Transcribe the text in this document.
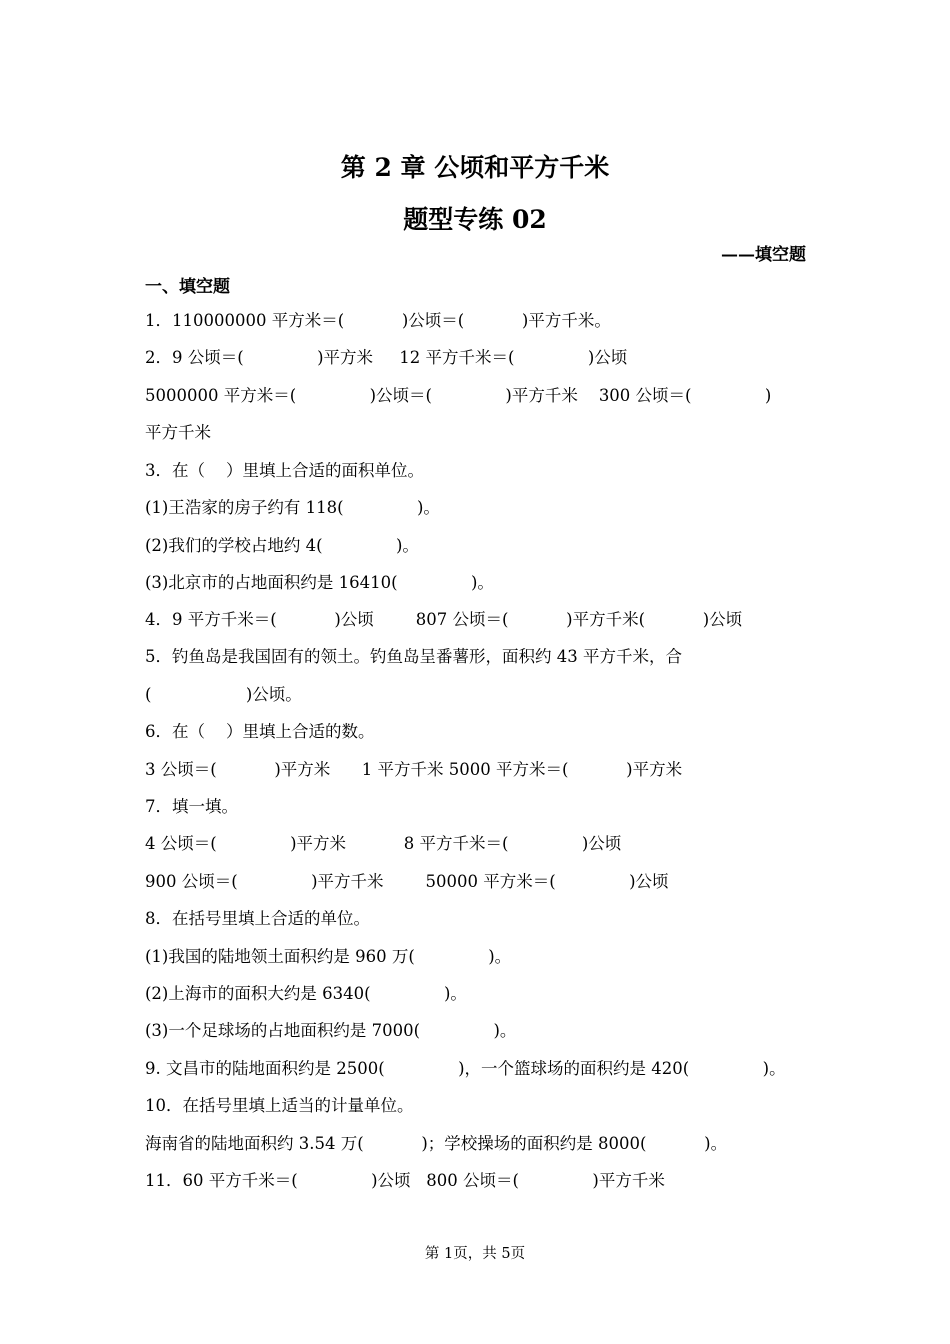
第 2 章 公顷和平方千米
题型专练 02
——填空题
一、填空题
1．110000000 平方米＝(           )公顷＝(           )平方千米。
2．9 公顷＝(              )平方米     12 平方千米＝(              )公顷
5000000 平方米＝(              )公顷＝(              )平方千米    300 公顷＝(              )
平方千米
3．在（    ）里填上合适的面积单位。
(1)王浩家的房子约有 118(              )。
(2)我们的学校占地约 4(              )。
(3)北京市的占地面积约是 16410(              )。
4．9 平方千米＝(           )公顷        807 公顷＝(           )平方千米(           )公顷
5．钓鱼岛是我国固有的领土。钓鱼岛呈番薯形，面积约 43 平方千米，合
(                  )公顷。
6．在（    ）里填上合适的数。
3 公顷＝(           )平方米      1 平方千米 5000 平方米＝(           )平方米
7．填一填。
4 公顷＝(              )平方米           8 平方千米＝(              )公顷
900 公顷＝(              )平方千米        50000 平方米＝(              )公顷
8．在括号里填上合适的单位。
(1)我国的陆地领土面积约是 960 万(              )。
(2)上海市的面积大约是 6340(              )。
(3)一个足球场的占地面积约是 7000(              )。
9. 文昌市的陆地面积约是 2500(              )，一个篮球场的面积约是 420(              )。
10．在括号里填上适当的计量单位。
海南省的陆地面积约 3.54 万(           )；学校操场的面积约是 8000(           )。
11．60 平方千米＝(              )公顷   800 公顷＝(              )平方千米
第 1页，共 5页
